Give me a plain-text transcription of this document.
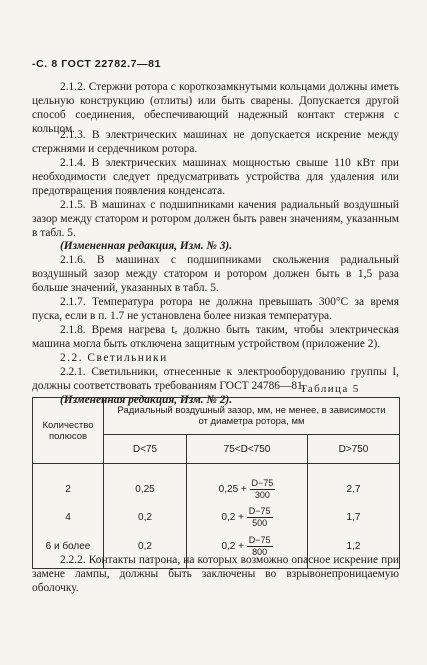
-С. 8 ГОСТ 22782.7—81

2.1.2. Стержни ротора с короткозамкнутыми кольцами должны иметь цельную конструкцию (отлиты) или быть сварены. Допускается другой способ соединения, обеспечивающий надежный контакт стержня с кольцом.

2.1.3. В электрических машинах не допускается искрение между стержнями и сердечником ротора.

2.1.4. В электрических машинах мощностью свыше 110 кВт при необходимости следует предусматривать устройства для удаления или предотвращения появления конденсата.

2.1.5. В машинах с подшипниками качения радиальный воздушный зазор между статором и ротором должен быть равен значениям, указанным в табл. 5.

(Измененная редакция, Изм. № 3).

2.1.6. В машинах с подшипниками скольжения радиальный воздушный зазор между статором и ротором должен быть в 1,5 раза больше значений, указанных в табл. 5.

2.1.7. Температура ротора не должна превышать 300°С за время пуска, если в п. 1.7 не установлена более низкая температура.

2.1.8. Время нагрева tₑ должно быть таким, чтобы электрическая машина могла быть отключена защитным устройством (приложение 2).

2.2. Светильники

2.2.1. Светильники, отнесенные к электрооборудованию группы I, должны соответствовать требованиям ГОСТ 24786—81.

(Измененная редакция, Изм. № 2).

Таблица 5
Количество полюсов	Радиальный воздушный зазор, мм, не менее, в зависимости от диаметра ротора, мм		
	D<75	75<D<750	D>750
2	0,25	$0,25 + \frac{D-75}{300}$	2,7
4	0,2	$0,2 + \frac{D-75}{500}$	1,7
6 и более	0,2	$0,2 + \frac{D-75}{800}$	1,2

2.2.2. Контакты патрона, на которых возможно опасное искрение при замене лампы, должны быть заключены во взрывонепроницаемую оболочку.
